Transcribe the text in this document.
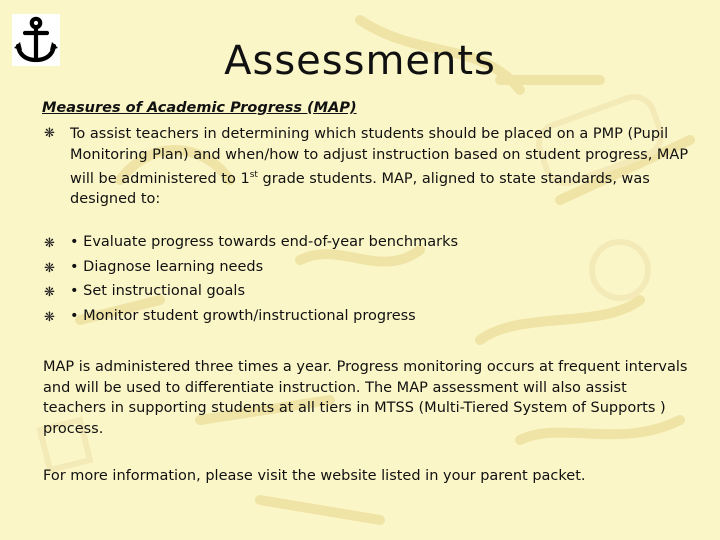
Assessments
Measures of Academic Progress (MAP)
❋ To assist teachers in determining which students should be placed on a PMP (Pupil Monitoring Plan) and when/how to adjust instruction based on student progress, MAP will be administered to 1st grade students. MAP, aligned to state standards, was designed to:
❋ • Evaluate progress towards end-of-year benchmarks
❋ • Diagnose learning needs
❋ • Set instructional goals
❋ • Monitor student growth/instructional progress
MAP is administered three times a year. Progress monitoring occurs at frequent intervals and will be used to differentiate instruction. The MAP assessment will also assist teachers in supporting students at all tiers in MTSS (Multi-Tiered System of Supports ) process.
For more information, please visit the website listed in your parent packet.
